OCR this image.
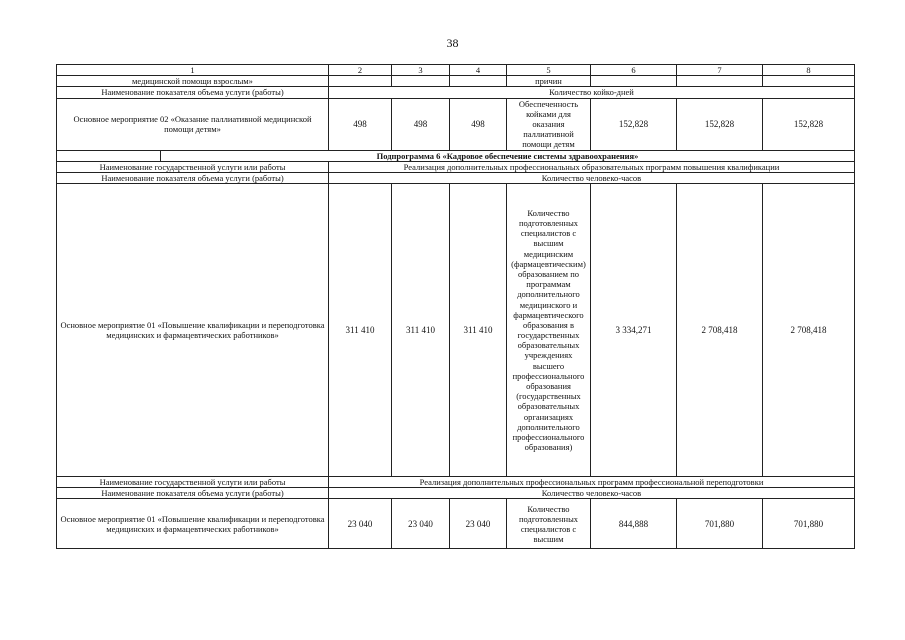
38
1		2	3	4	5	6	7	8
медицинской помощи взрослым»					причин			
Наименование показателя объема услуги (работы)		Количество койко-дней						
Основное мероприятие 02 «Оказание паллиативной медицинской помощи детям»		498	498	498	Обеспеченность койками для оказания паллиативной помощи детям	152,828	152,828	152,828
	Подпрограмма 6 «Кадровое обеспечение системы здравоохранения»							
Наименование государственной услуги или работы		Реализация дополнительных профессиональных образовательных программ повышения квалификации						
Наименование показателя объема услуги (работы)		Количество человеко-часов						
Основное мероприятие 01 «Повышение квалификации и переподготовка медицинских и фармацевтических работников»		311 410	311 410	311 410	Количество подготовленных специалистов с высшим медицинским (фармацевтическим) образованием по программам дополнительного медицинского и фармацевтического образования в государственных образовательных учреждениях высшего профессионального образования (государственных образовательных организациях дополнительного профессионального образования)	3 334,271	2 708,418	2 708,418
Наименование государственной услуги или работы		Реализация дополнительных профессиональных программ профессиональной переподготовки						
Наименование показателя объема услуги (работы)		Количество человеко-часов						
Основное мероприятие 01 «Повышение квалификации и переподготовка медицинских и фармацевтических работников»		23 040	23 040	23 040	Количество подготовленных специалистов с высшим	844,888	701,880	701,880
